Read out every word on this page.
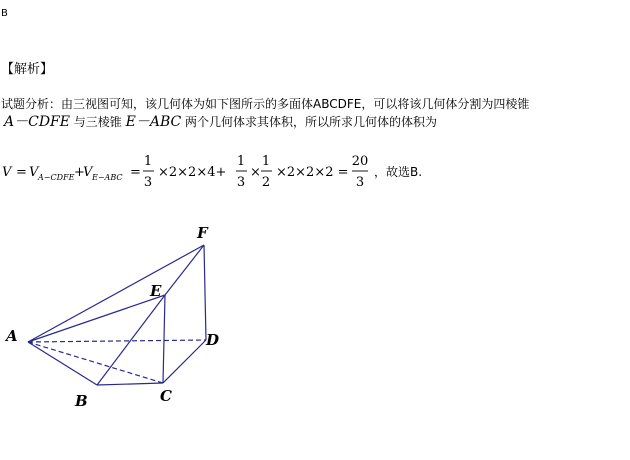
B
【解析】
试题分析：由三视图可知，该几何体为如下图所示的多面体ABCDFE，可以将该几何体分割为四棱锥
A－CDFE 与三棱锥 E－ABC 两个几何体求其体积，所以所求几何体的体积为
V = V A−CDFE +
V E−ABC =
1
3
×2×2×4+
1
3
×
1
2
×2×2×2 =
20
3
，故选B.
A
B	C
D
E
F
